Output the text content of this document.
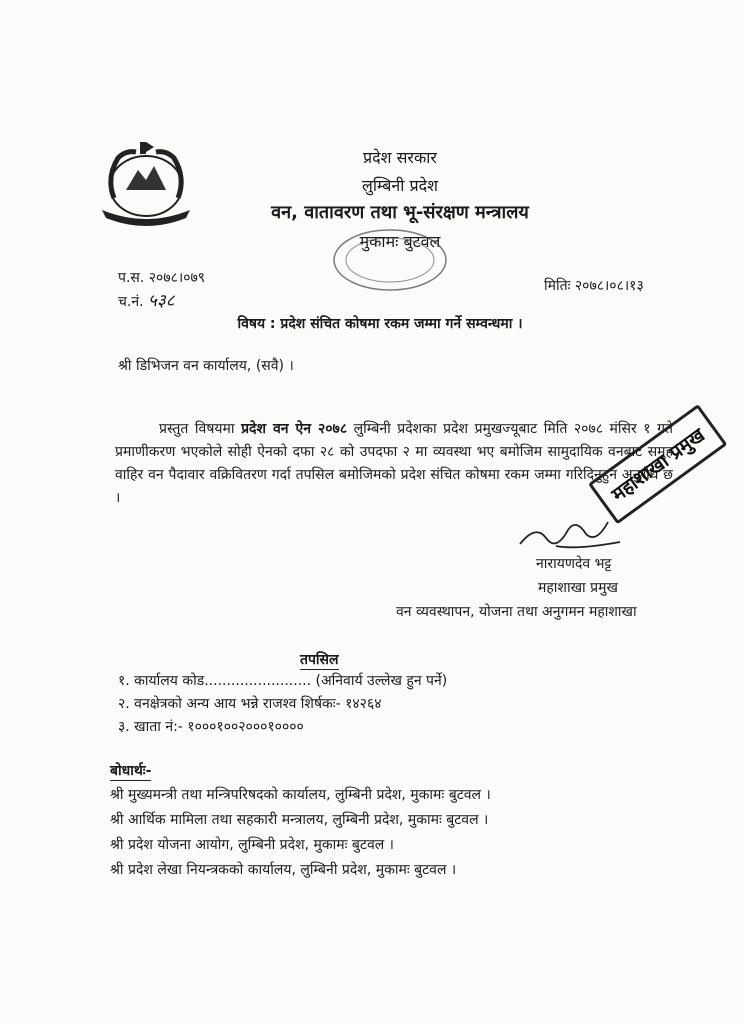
प्रदेश सरकार
लुम्बिनी प्रदेश
वन, वातावरण तथा भू-संरक्षण मन्त्रालय
मुकामः बुटवल
प.स. २०७८।०७९
च.नं. ५३८
मितिः २०७८।०८।१३
विषय : प्रदेश संचित कोषमा रकम जम्मा गर्ने सम्वन्धमा ।
श्री डिभिजन वन कार्यालय, (सवै) ।
प्रस्तुत विषयमा प्रदेश वन ऐन २०७८ लुम्बिनी प्रदेशका प्रदेश प्रमुखज्यूबाट मिति २०७८ मंसिर १ गते प्रमाणीकरण भएकोले सोही ऐनको दफा २८ को उपदफा २ मा व्यवस्था भए बमोजिम सामुदायिक वनबाट समुह वाहिर वन पैदावार वक्रिवितरण गर्दा तपसिल बमोजिमको प्रदेश संचित कोषमा रकम जम्मा गरिदिनुहुन अनुरोध छ ।	महाशाखा प्रमुख
नारायणदेव भट्ट
महाशाखा प्रमुख
वन व्यवस्थापन, योजना तथा अनुगमन महाशाखा
तपसिल
१. कार्यालय कोड........................ (अनिवार्य उल्लेख हुन पर्ने)
२. वनक्षेत्रको अन्य आय भन्ने राजश्व शिर्षकः- १४२६४
३. खाता नं:- १०००१००२०००१००००
बोधार्थः-
श्री मुख्यमन्त्री तथा मन्त्रिपरिषदको कार्यालय, लुम्बिनी प्रदेश, मुकामः बुटवल ।
श्री आर्थिक मामिला तथा सहकारी मन्त्रालय, लुम्बिनी प्रदेश, मुकामः बुटवल ।
श्री प्रदेश योजना आयोग, लुम्बिनी प्रदेश, मुकामः बुटवल ।
श्री प्रदेश लेखा नियन्त्रकको कार्यालय, लुम्बिनी प्रदेश, मुकामः बुटवल ।
